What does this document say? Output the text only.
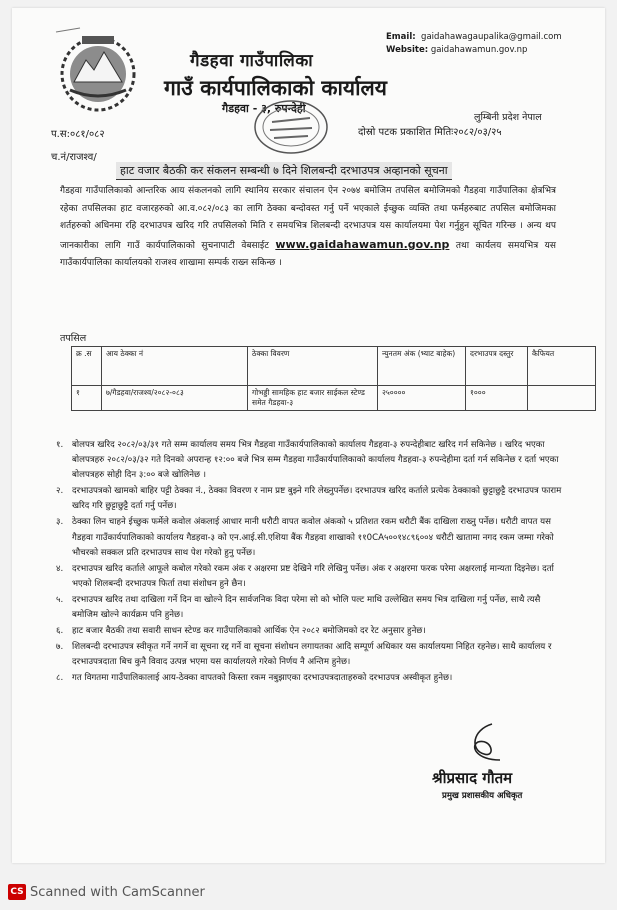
गैडहवा गाउँपालिका
गाउँ कार्यपालिकाको कार्यालय
गैडहवा - ३, रुपन्देही
Email: gaidahawagaupalika@gmail.com
Website: gaidahawamun.gov.np
लुम्बिनी प्रदेश नेपाल
दोस्रो पटक प्रकाशित मितिः२०८२/०३/२५
प.स:०८१/०८२
च.नं/राजश्व/
हाट वजार बैठकी कर संकलन सम्बन्धी ७ दिने शिलबन्दी दरभाउपत्र अव्हानको सूचना
गैडहवा गाउँपालिकाको आन्तरिक आय संकलनको लागि स्थानिय सरकार संचालन ऐन २०७४ बमोजिम तपसिल बमोजिमको गैडहवा गाउँपालिका क्षेत्रभित्र रहेका तपसिलका हाट वजारहरुको आ.व.०८२/०८३ का लागि ठेक्का बन्दोवस्त गर्नु पर्ने भएकाले ईच्छुक व्यक्ति तथा फर्महरुबाट तपसिल बमोजिमका शर्तहरुको अधिनमा रहि दरभाउपत्र खरिद गरि तपसिलको मिति र समयभित्र शिलबन्दी दरभाउपत्र यस कार्यालयमा पेश गर्नुहुन सूचित गरिन्छ । अन्य थप जानकारीका लागि गाउँ कार्यपालिकाको सुचनापाटी वेबसाईट www.gaidahawamun.gov.np तथा कार्यलय समयभित्र यस गाउँकार्यपालिका कार्यालयको राजश्व शाखामा सम्पर्क राख्न सकिन्छ ।
तपसिल
क्र .स	आय ठेक्का नं	ठेक्का विवरण	न्युनतम अंक (भ्याट बाहेक)	दरभाउपत्र दस्तुर	कैफियत
१	७/गैडहवा/राजश्व/२०८२-०८३	गोभड्डी सामहिक हाट बजार साईकल स्टेण्ड समेत गैडहवा-३	२५००००	१०००	
१.	बोलपत्र खरिद २०८२/०३/३१ गते सम्म कार्यालय समय भित्र गैडहवा गाउँकार्यपालिकाको कार्यालय गैडहवा-३ रुपन्देहीबाट खरिद गर्न सकिनेछ । खरिद भएका बोलपत्रहरु २०८२/०३/३२ गते दिनको अपरान्ह १२:०० बजे भित्र सम्म गैडहवा गाउँकार्यपालिकाको कार्यालय गैडहवा-३ रुपन्देहीमा दर्ता गर्न सकिनेछ र दर्ता भएका बोलपत्रहरु सोही दिन ३:०० बजे खोलिनेछ ।
२.	दरभाउपत्रको खामको बाहिर पट्टी ठेक्का नं., ठेक्का विवरण र नाम प्रष्ट बुझ्ने गरि लेख्नुपर्नेछ। दरभाउपत्र खरिद कर्ताले प्रत्येक ठेक्काको छुट्टाछुट्टै दरभाउपत्र फाराम खरिद गरि छुट्टाछुट्टै दर्ता गर्नु पर्नेछ।
३.	ठेक्का लिन चाहने ईच्छुक फर्मेले कवोल अंकलाई आधार मानी धरौटी वापत कवोल अंकको ५ प्रतिशत रकम धरौटी बैंक दाखिला राख्नु पर्नेछ। धरौटी वापत यस गैडहवा गाउँकार्यपालिकाको कार्यालय गैडहवा-३ को एन.आई.सी.एशिया बैंक गैडहवा शाखाको ११0CA५००१४८९६००४ धरौटी खातामा नगद रकम जम्मा गरेको भौचरको सक्कल प्रति दरभाउपत्र साथ पेश गरेको हुनु पर्नेछ।
४.	दरभाउपत्र खरिद कर्ताले आफूले कबोल गरेको रकम अंक र अक्षरमा प्रष्ट देखिने गरि लेखिनु पर्नेछ। अंक र अक्षरमा फरक परेमा अक्षरलाई मान्यता दिइनेछ। दर्ता भएको शिलबन्दी दरभाउपत्र फिर्ता तथा संशोधन हुने छैन।
५.	दरभाउपत्र खरिद तथा दाखिला गर्ने दिन वा खोल्ने दिन सार्वजनिक विदा परेमा सो को भोलि पल्ट माथि उल्लेखित समय भित्र दाखिला गर्नु पर्नेछ, साथै त्यसै बमोजिम खोल्ने कार्यक्रम पनि हुनेछ।
६.	हाट बजार बैठकी तथा सवारी साधन स्टेण्ड कर गाउँपालिकाको आर्थिक ऐन २०८२ बमोजिमको दर रेट अनुसार हुनेछ।
७.	शिलबन्दी दरभाउपत्र स्वीकृत गर्ने नगर्ने वा सूचना रद्द गर्ने वा सूचना संशोधन लगायतका आदि सम्पूर्ण अधिकार यस कार्यालयमा निहित रहनेछ। साथै कार्यालय र दरभाउपत्रदाता बिच कुनै विवाद उत्पन्न भएमा यस कार्यालयले गरेको निर्णय नै अन्तिम हुनेछ।
८.	गत विगतमा गाउँपालिकालाई आय-ठेक्का वापतको किस्ता रकम नबुझाएका दरभाउपत्रदाताहरुको दरभाउपत्र अस्वीकृत हुनेछ।
श्रीप्रसाद गौतम
प्रमुख प्रशासकीय अधिकृत
CS Scanned with CamScanner
